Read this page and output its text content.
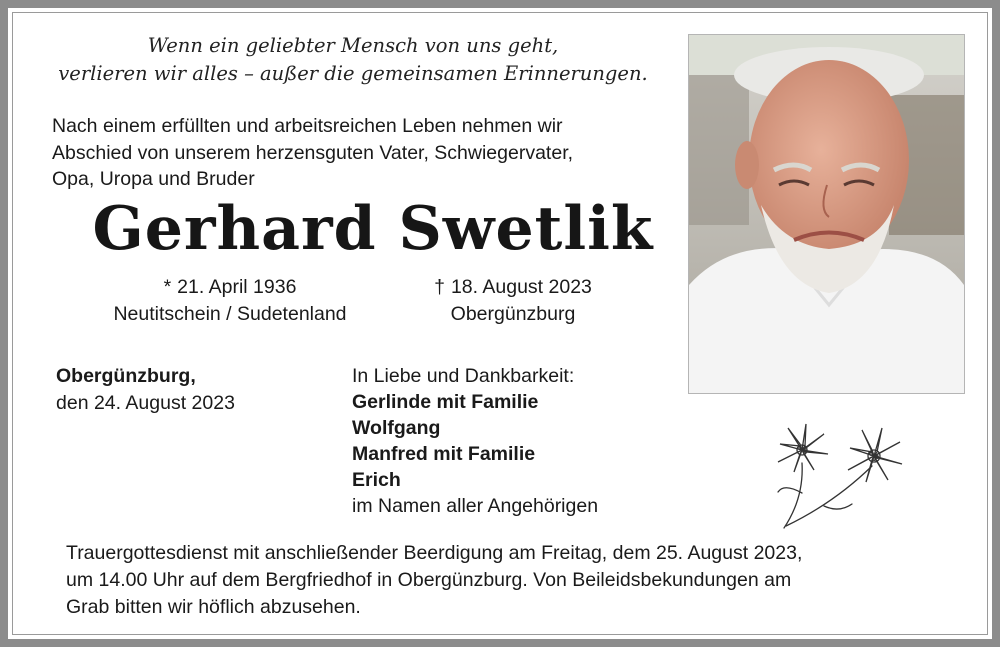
Wenn ein geliebter Mensch von uns geht,
verlieren wir alles – außer die gemeinsamen Erinnerungen.
Nach einem erfüllten und arbeitsreichen Leben nehmen wir
Abschied von unserem herzensguten Vater, Schwiegervater,
Opa, Uropa und Bruder
Gerhard Swetlik
* 21. April 1936
Neutitschein / Sudetenland
† 18. August 2023
Obergünzburg
Obergünzburg,
den 24. August 2023
In Liebe und Dankbarkeit:
Gerlinde mit Familie
Wolfgang
Manfred mit Familie
Erich
im Namen aller Angehörigen
Trauergottesdienst mit anschließender Beerdigung am Freitag, dem 25. August 2023,
um 14.00 Uhr auf dem Bergfriedhof in Obergünzburg. Von Beileidsbekundungen am
Grab bitten wir höflich abzusehen.
